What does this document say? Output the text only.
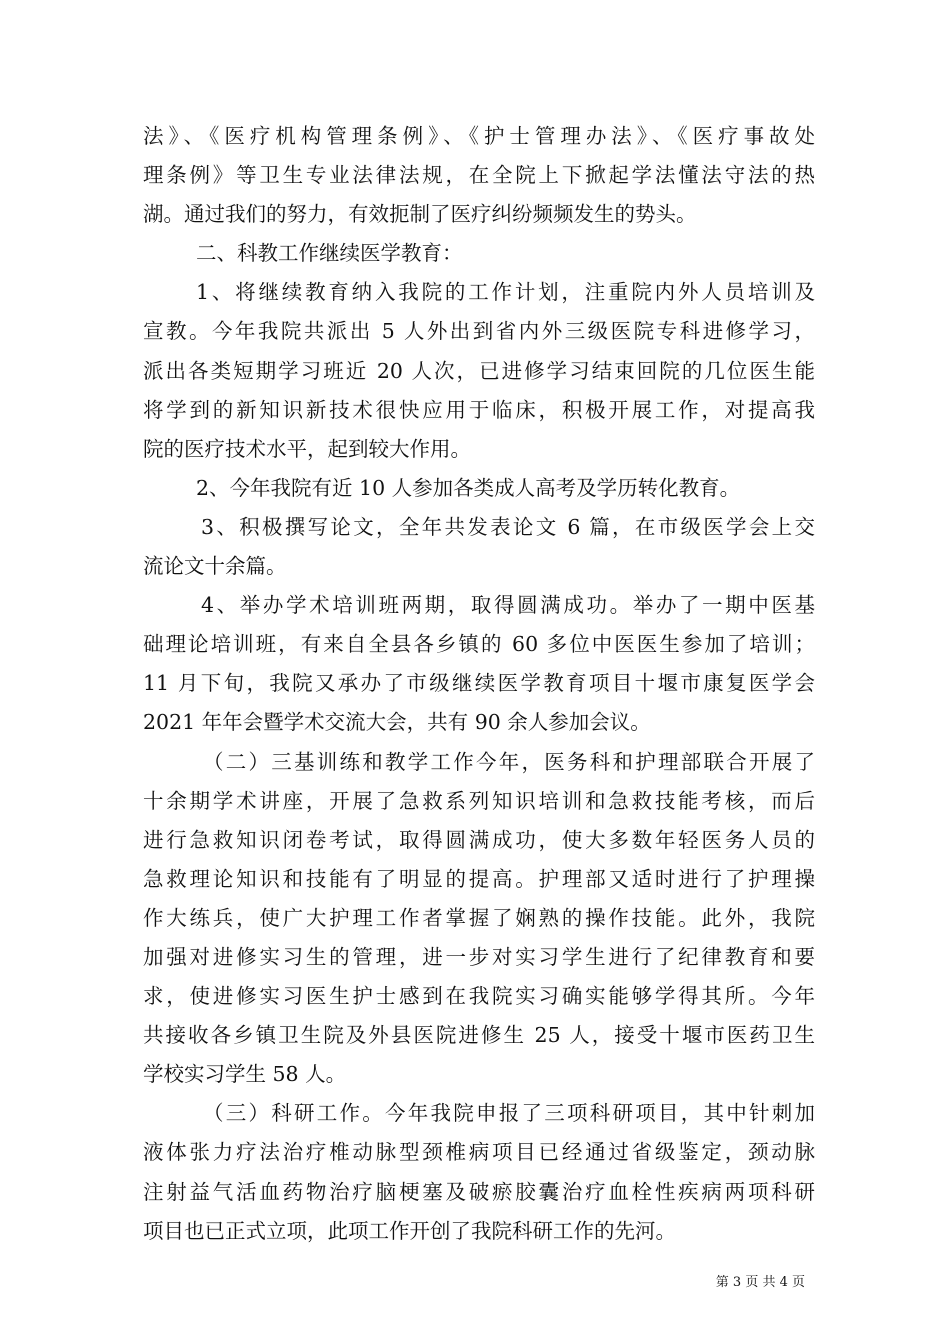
法》、《医疗机构管理条例》、《护士管理办法》、《医疗事故处
理条例》等卫生专业法律法规，在全院上下掀起学法懂法守法的热
湖。通过我们的努力，有效扼制了医疗纠纷频频发生的势头。
二、科教工作继续医学教育：
1、将继续教育纳入我院的工作计划，注重院内外人员培训及
宣教。今年我院共派出 5 人外出到省内外三级医院专科进修学习，
派出各类短期学习班近 20 人次，已进修学习结束回院的几位医生能
将学到的新知识新技术很快应用于临床，积极开展工作，对提高我
院的医疗技术水平，起到较大作用。
2、今年我院有近 10 人参加各类成人高考及学历转化教育。
3、积极撰写论文，全年共发表论文 6 篇，在市级医学会上交
流论文十余篇。
4、举办学术培训班两期，取得圆满成功。举办了一期中医基
础理论培训班，有来自全县各乡镇的 60 多位中医医生参加了培训；
11 月下旬，我院又承办了市级继续医学教育项目十堰市康复医学会
2021 年年会暨学术交流大会，共有 90 余人参加会议。
（二）三基训练和教学工作今年，医务科和护理部联合开展了
十余期学术讲座，开展了急救系列知识培训和急救技能考核，而后
进行急救知识闭卷考试，取得圆满成功，使大多数年轻医务人员的
急救理论知识和技能有了明显的提高。护理部又适时进行了护理操
作大练兵，使广大护理工作者掌握了娴熟的操作技能。此外，我院
加强对进修实习生的管理，进一步对实习学生进行了纪律教育和要
求，使进修实习医生护士感到在我院实习确实能够学得其所。今年
共接收各乡镇卫生院及外县医院进修生 25 人，接受十堰市医药卫生
学校实习学生 58 人。
（三）科研工作。今年我院申报了三项科研项目，其中针刺加
液体张力疗法治疗椎动脉型颈椎病项目已经通过省级鉴定，颈动脉
注射益气活血药物治疗脑梗塞及破瘀胶囊治疗血栓性疾病两项科研
项目也已正式立项，此项工作开创了我院科研工作的先河。
第 3 页 共 4 页
